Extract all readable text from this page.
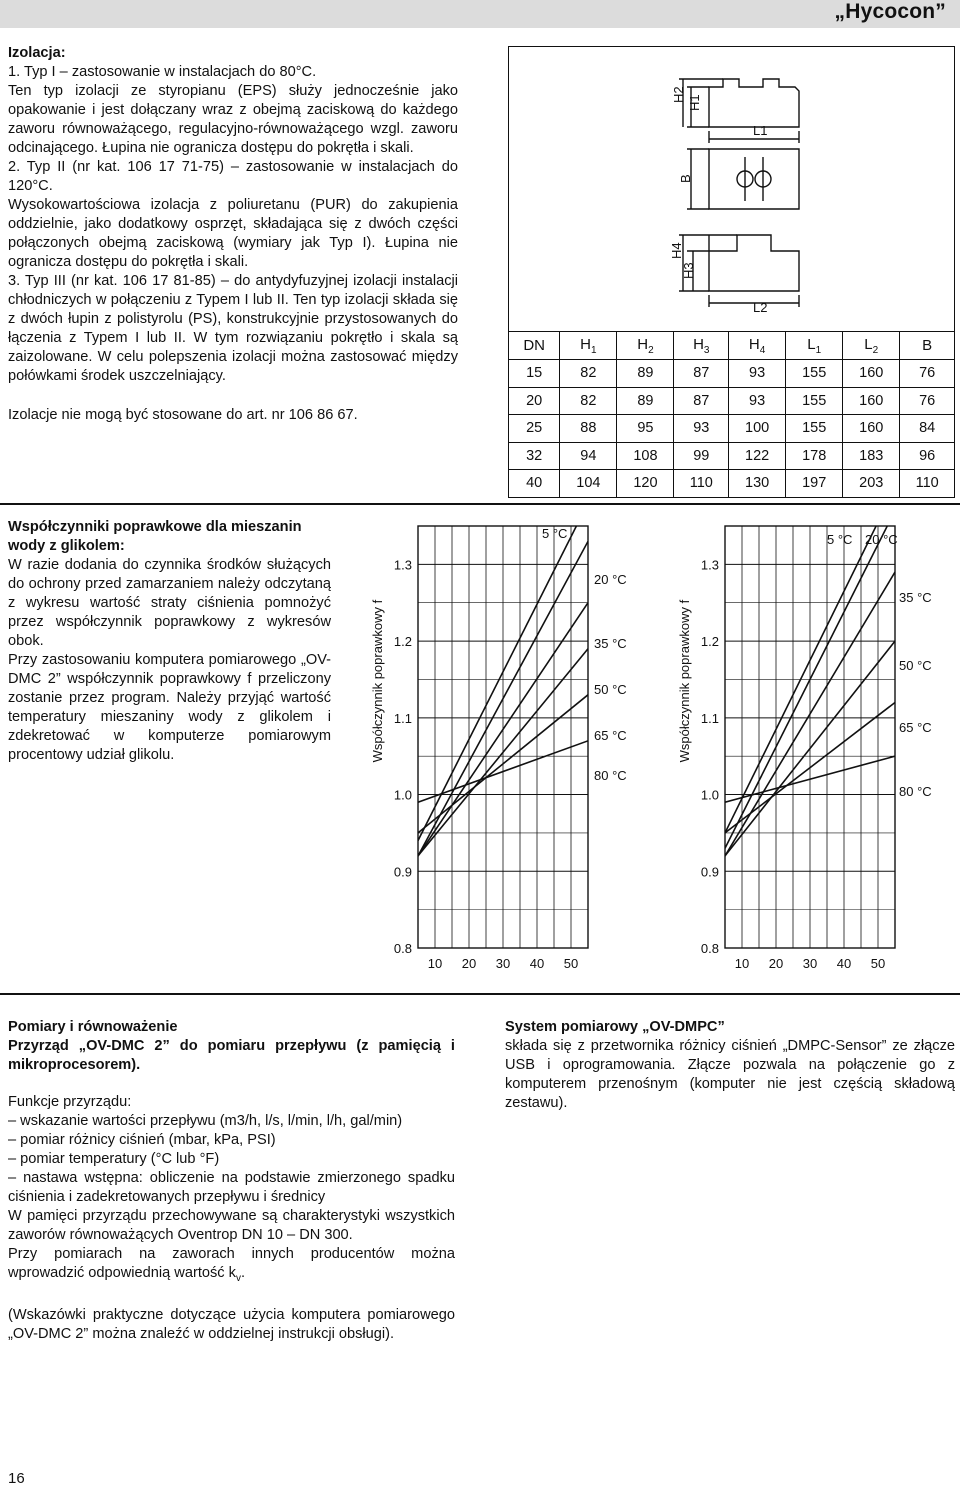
„Hycocon”

Izolacja:

1. Typ I – zastosowanie w instalacjach do 80°C.

Ten typ izolacji ze styropianu (EPS) służy jednocześnie jako opakowanie i jest dołączany wraz z obejmą zaciskową do każdego zaworu równoważącego, regulacyjno-równoważącego wzgl. zaworu odcinającego. Łupina nie ogranicza dostępu do pokrętła i skali.

2. Typ II (nr kat. 106 17 71-75) – zastosowanie w instalacjach do 120°C.

Wysokowartościowa izolacja z poliuretanu (PUR) do zakupienia oddzielnie, jako dodatkowy osprzęt, składająca się z dwóch części połączonych obejmą zaciskową (wymiary jak Typ I). Łupina nie ogranicza dostępu do pokrętła i skali.

3. Typ III (nr kat. 106 17 81-85) – do antydyfuzyjnej izolacji instalacji chłodniczych w połączeniu z Typem I lub II. Ten typ izolacji składa się z dwóch łupin z polistyrolu (PS), konstrukcyjnie przystosowanych do łączenia z Typem I lub II. W tym rozwiązaniu pokrętło i skala są zaizolowane. W celu polepszenia izolacji można zastosować między połówkami środek uszczelniający.

Izolacje nie mogą być stosowane do art. nr 106 86 67.

H2 H1
L1
B
H4
H3
L2
DN	$H_1$	$H_2$	$H_3$	$H_4$	$L_1$	$L_2$	B
15	82	89	87	93	155	160	76
20	82	89	87	93	155	160	76
25	88	95	93	100	155	160	84
32	94	108	99	122	178	183	96
40	104	120	110	130	197	203	110

Współczynniki poprawkowe dla mieszanin wody z glikolem:

W razie dodania do czynnika środków służących do ochrony przed zamarzaniem należy odczytaną z wykresu wartość straty ciśnienia pomnożyć przez współczynnik poprawkowy z wykresów obok.

Przy zastosowaniu komputera pomiarowego „OV-DMC 2” współczynnik poprawkowy f przeliczony zostanie przez program. Należy przyjąć wartość temperatury mieszaniny wody z glikolem i zdekretować w komputerze pomiarowym procentowy udział glikolu.

1.3
1.2
1.1
1.0
0.9
0.8
10 20 30 40 50
Współczynnik poprawkowy f
5 °C
20 °C
35 °C
50 °C
65 °C
80 °C
1.3
1.2
1.1
1.0
0.9
0.8
10 20 30 40 50
Współczynnik poprawkowy f
5 °C 20 °C
35 °C
50 °C
65 °C
80 °C

Pomiary i równoważenie

Przyrząd „OV-DMC 2” do pomiaru przepływu (z pamięcią i mikroprocesorem).

Funkcje przyrządu:

– wskazanie wartości przepływu (m3/h, l/s, l/min, l/h, gal/min)

– pomiar różnicy ciśnień (mbar, kPa, PSI)

– pomiar temperatury (°C lub °F)

– nastawa wstępna: obliczenie na podstawie zmierzonego spadku ciśnienia i zadekretowanych przepływu i średnicy

W pamięci przyrządu przechowywane są charakterystyki wszystkich zaworów równoważących Oventrop DN 10 – DN 300.

Przy pomiarach na zaworach innych producentów można wprowadzić odpowiednią wartość $k_v$.

(Wskazówki praktyczne dotyczące użycia komputera pomiarowego „OV-DMC 2” można znaleźć w oddzielnej instrukcji obsługi).

System pomiarowy „OV-DMPC”

składa się z przetwornika różnicy ciśnień „DMPC-Sensor” ze złącze USB i oprogramowania. Złącze pozwala na połączenie go z komputerem przenośnym (komputer nie jest częścią składową zestawu).

16
